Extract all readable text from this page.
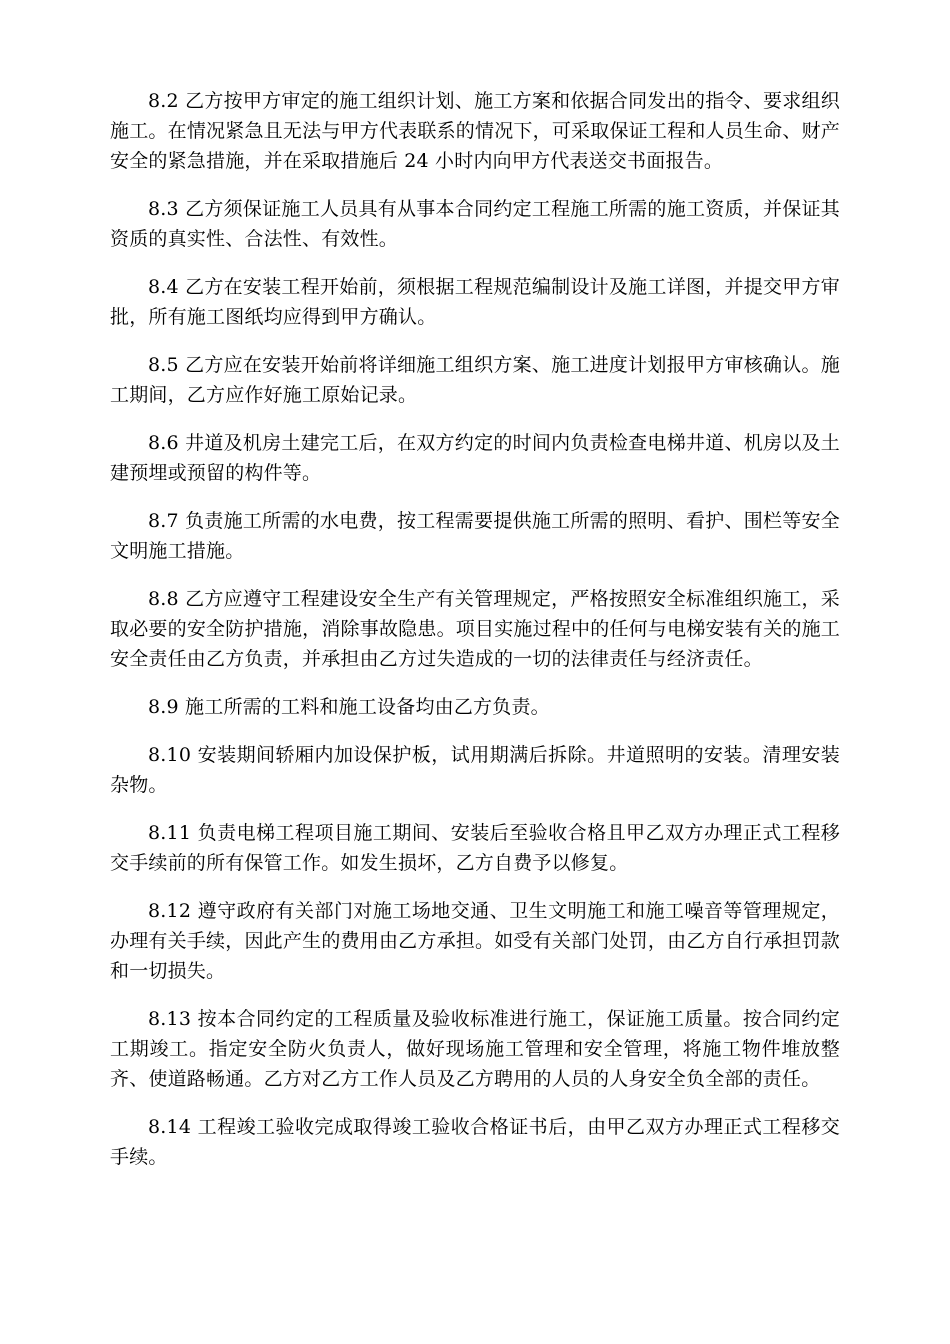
8.2 乙方按甲方审定的施工组织计划、施工方案和依据合同发出的指令、要求组织施工。在情况紧急且无法与甲方代表联系的情况下，可采取保证工程和人员生命、财产安全的紧急措施，并在采取措施后 24 小时内向甲方代表送交书面报告。

8.3 乙方须保证施工人员具有从事本合同约定工程施工所需的施工资质，并保证其资质的真实性、合法性、有效性。

8.4 乙方在安装工程开始前，须根据工程规范编制设计及施工详图，并提交甲方审批，所有施工图纸均应得到甲方确认。

8.5 乙方应在安装开始前将详细施工组织方案、施工进度计划报甲方审核确认。施工期间，乙方应作好施工原始记录。

8.6 井道及机房土建完工后，在双方约定的时间内负责检查电梯井道、机房以及土建预埋或预留的构件等。

8.7 负责施工所需的水电费，按工程需要提供施工所需的照明、看护、围栏等安全文明施工措施。

8.8 乙方应遵守工程建设安全生产有关管理规定，严格按照安全标准组织施工，采取必要的安全防护措施，消除事故隐患。项目实施过程中的任何与电梯安装有关的施工安全责任由乙方负责，并承担由乙方过失造成的一切的法律责任与经济责任。

8.9 施工所需的工料和施工设备均由乙方负责。

8.10 安装期间轿厢内加设保护板，试用期满后拆除。井道照明的安装。清理安装杂物。

8.11 负责电梯工程项目施工期间、安装后至验收合格且甲乙双方办理正式工程移交手续前的所有保管工作。如发生损坏，乙方自费予以修复。

8.12 遵守政府有关部门对施工场地交通、卫生文明施工和施工噪音等管理规定，办理有关手续，因此产生的费用由乙方承担。如受有关部门处罚，由乙方自行承担罚款和一切损失。

8.13 按本合同约定的工程质量及验收标准进行施工，保证施工质量。按合同约定工期竣工。指定安全防火负责人，做好现场施工管理和安全管理，将施工物件堆放整齐、使道路畅通。乙方对乙方工作人员及乙方聘用的人员的人身安全负全部的责任。

8.14 工程竣工验收完成取得竣工验收合格证书后，由甲乙双方办理正式工程移交手续。
